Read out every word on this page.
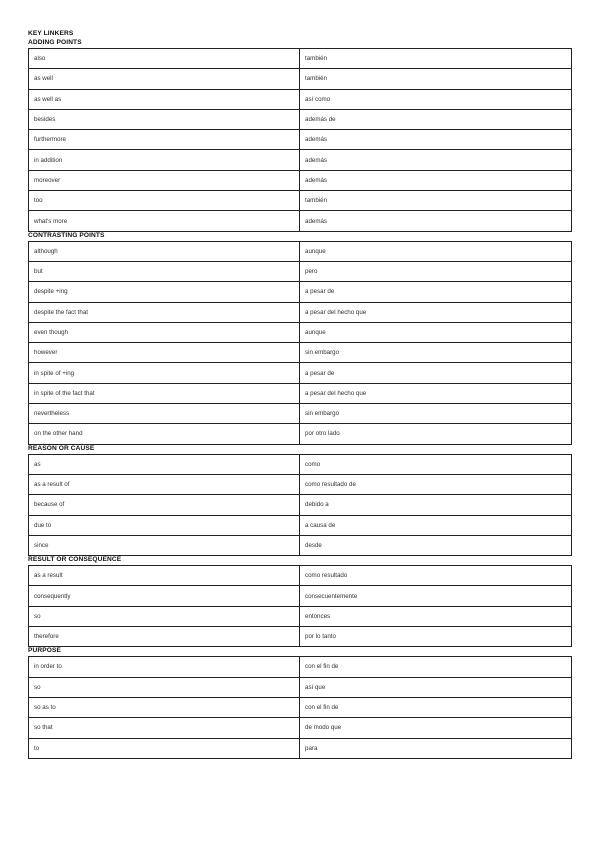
KEY LINKERS
ADDING POINTS
also	también
as well	también
as well as	así como
besides	además de
furthermore	además
in addition	además
moreover	además
too	también
what's more	además
CONTRASTING POINTS
although	aunque
but	pero
despite +ing	a pesar de
despite the fact that	a pesar del hecho que
even though	aunque
however	sin embargo
in spite of +ing	a pesar de
in spite of the fact that	a pesar del hecho que
nevertheless	sin embargo
on the other hand	por otro lado
REASON OR CAUSE
as	como
as a result of	como resultado de
because of	debido a
due to	a causa de
since	desde
RESULT OR CONSEQUENCE
as a result	como resultado
consequently	consecuentemente
so	entonces
therefore	por lo tanto
PURPOSE
in order to	con el fin de
so	así que
so as to	con el fin de
so that	de modo que
to	para
